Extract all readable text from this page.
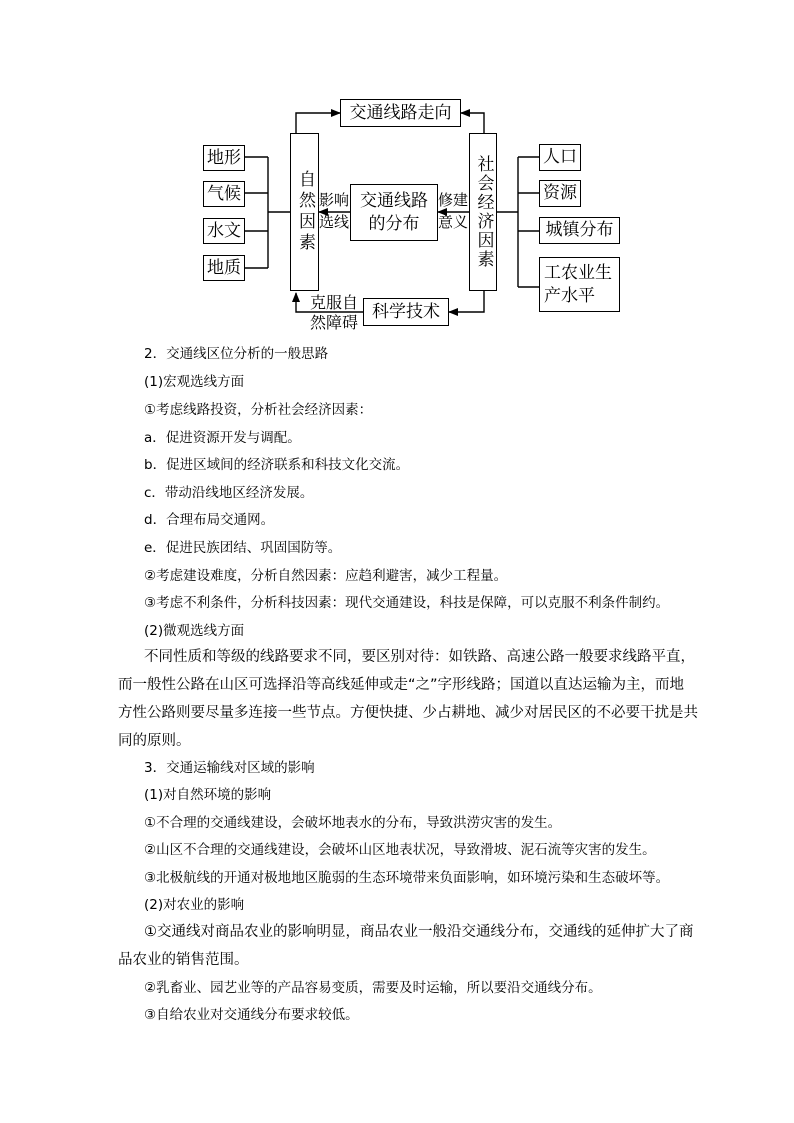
地形
气候
水文
地质
自然因素
交通线路走向
影响
选线
交通线路
的分布
修建
意义 社会经济因素	人口
资源
城镇分布
工农业生
产水平
科学技术
克服自
然障碍
2．交通线区位分析的一般思路
(1)宏观选线方面
①考虑线路投资，分析社会经济因素：
a．促进资源开发与调配。
b．促进区域间的经济联系和科技文化交流。
c．带动沿线地区经济发展。
d．合理布局交通网。
e．促进民族团结、巩固国防等。
②考虑建设难度，分析自然因素：应趋利避害，减少工程量。
③考虑不利条件，分析科技因素：现代交通建设，科技是保障，可以克服不利条件制约。
(2)微观选线方面
不同性质和等级的线路要求不同，要区别对待：如铁路、高速公路一般要求线路平直，
而一般性公路在山区可选择沿等高线延伸或走“之”字形线路；国道以直达运输为主，而地
方性公路则要尽量多连接一些节点。方便快捷、少占耕地、减少对居民区的不必要干扰是共
同的原则。
3．交通运输线对区域的影响
(1)对自然环境的影响
①不合理的交通线建设，会破坏地表水的分布，导致洪涝灾害的发生。
②山区不合理的交通线建设，会破坏山区地表状况，导致滑坡、泥石流等灾害的发生。
③北极航线的开通对极地地区脆弱的生态环境带来负面影响，如环境污染和生态破坏等。
(2)对农业的影响
①交通线对商品农业的影响明显，商品农业一般沿交通线分布，交通线的延伸扩大了商
品农业的销售范围。
②乳畜业、园艺业等的产品容易变质，需要及时运输，所以要沿交通线分布。
③自给农业对交通线分布要求较低。
